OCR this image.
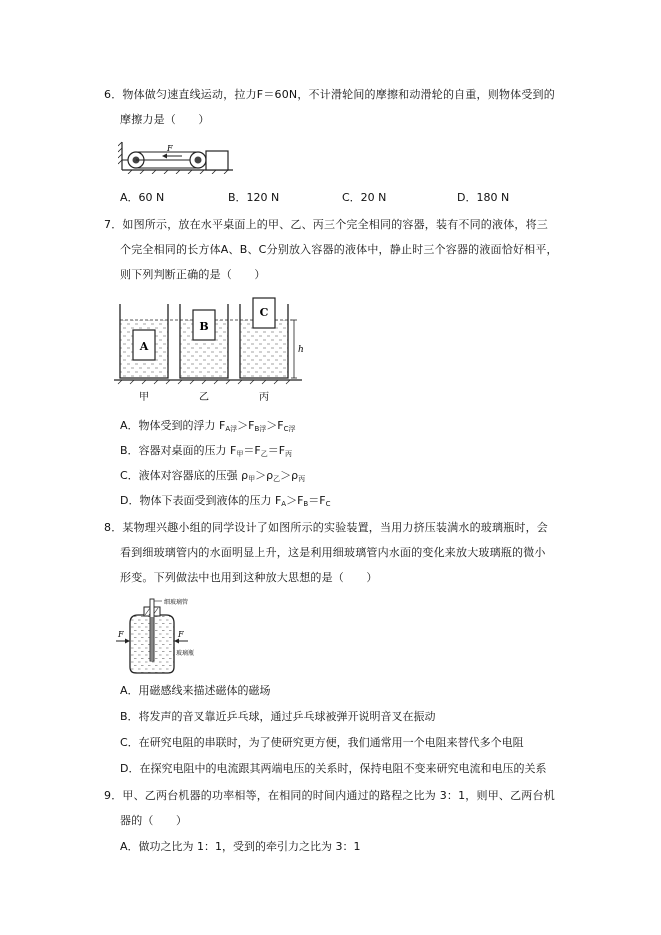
6．物体做匀速直线运动，拉力F＝60N，不计滑轮间的摩擦和动滑轮的自重，则物体受到的
摩擦力是（　　）
F
A．60 N	B．120 N	C．20 N	D．180 N
7．如图所示，放在水平桌面上的甲、乙、丙三个完全相同的容器，装有不同的液体，将三
个完全相同的长方体A、B、C分别放入容器的液体中，静止时三个容器的液面恰好相平，
则下列判断正确的是（　　）
A
B
C
h
甲	乙	丙
A．物体受到的浮力 $F_{A浮}>F_{B浮}>F_{C浮}$
B．容器对桌面的压力 $F_甲=F_乙=F_丙$
C．液体对容器底的压强 $\rho_甲>\rho_乙>\rho_丙$
D．物体下表面受到液体的压力 $F_A>F_B=F_C$
8．某物理兴趣小组的同学设计了如图所示的实验装置，当用力挤压装满水的玻璃瓶时，会
看到细玻璃管内的水面明显上升，这是利用细玻璃管内水面的变化来放大玻璃瓶的微小
形变。下列做法中也用到这种放大思想的是（　　）
F	F
细玻璃管
玻璃瓶
A．用磁感线来描述磁体的磁场
B．将发声的音叉靠近乒乓球，通过乒乓球被弹开说明音叉在振动
C．在研究电阻的串联时，为了使研究更方便，我们通常用一个电阻来替代多个电阻
D．在探究电阻中的电流跟其两端电压的关系时，保持电阻不变来研究电流和电压的关系
9．甲、乙两台机器的功率相等，在相同的时间内通过的路程之比为 3：1，则甲、乙两台机
器的（　　）
A．做功之比为 1：1，受到的牵引力之比为 3：1
